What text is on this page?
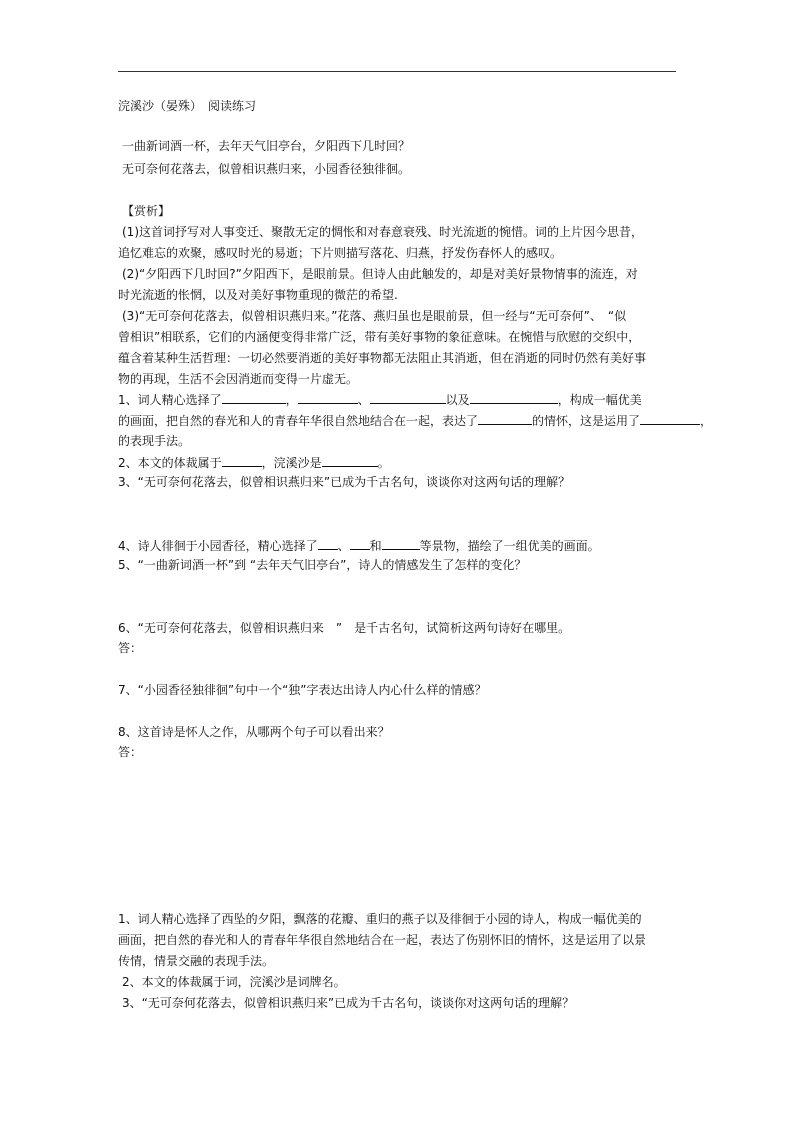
浣溪沙（晏殊）　阅读练习
一曲新词酒一杯，去年天气旧亭台，夕阳西下几时回？
无可奈何花落去，似曾相识燕归来，小园香径独徘徊。
【赏析】
(1)这首词抒写对人事变迁、聚散无定的惆怅和对春意衰残、时光流逝的惋惜。词的上片因今思昔，
追忆难忘的欢聚，感叹时光的易逝；下片则描写落花、归燕，抒发伤春怀人的感叹。
(2)“夕阳西下几时回?”夕阳西下，是眼前景。但诗人由此触发的，却是对美好景物情事的流连，对
时光流逝的怅惘，以及对美好事物重现的微茫的希望.
(3)“无可奈何花落去，似曾相识燕归来。”花落、燕归虽也是眼前景，但一经与“无可奈何”、　“似
曾相识”相联系，它们的内涵便变得非常广泛，带有美好事物的象征意味。在惋惜与欣慰的交织中，
蕴含着某种生活哲理：一切必然要消逝的美好事物都无法阻止其消逝，但在消逝的同时仍然有美好事
物的再现，生活不会因消逝而变得一片虚无。
1、词人精心选择了	，	、	以及	，构成一幅优美
的画面，把自然的春光和人的青春年华很自然地结合在一起，表达了	的情怀，这是运用了	，
的表现手法。
2、本文的体裁属于	，浣溪沙是	。
3、“无可奈何花落去，似曾相识燕归来”已成为千古名句，谈谈你对这两句话的理解？
4、诗人徘徊于小园香径，精心选择了 、 和	等景物，描绘了一组优美的画面。
5、“一曲新词酒一杯”到 “去年天气旧亭台”，诗人的情感发生了怎样的变化？
6、“无可奈何花落去，似曾相识燕归来　”　是千古名句，试简析这两句诗好在哪里。
答：
7、“小园香径独徘徊”句中一个“独”字表达出诗人内心什么样的情感？
8、这首诗是怀人之作，从哪两个句子可以看出来？
答：
1、词人精心选择了西坠的夕阳，飘落的花瓣、重归的燕子以及徘徊于小园的诗人，构成一幅优美的
画面，把自然的春光和人的青春年华很自然地结合在一起，表达了伤别怀旧的情怀，这是运用了以景
传情，情景交融的表现手法。
2、本文的体裁属于词，浣溪沙是词牌名。
3、“无可奈何花落去，似曾相识燕归来”已成为千古名句，谈谈你对这两句话的理解？
